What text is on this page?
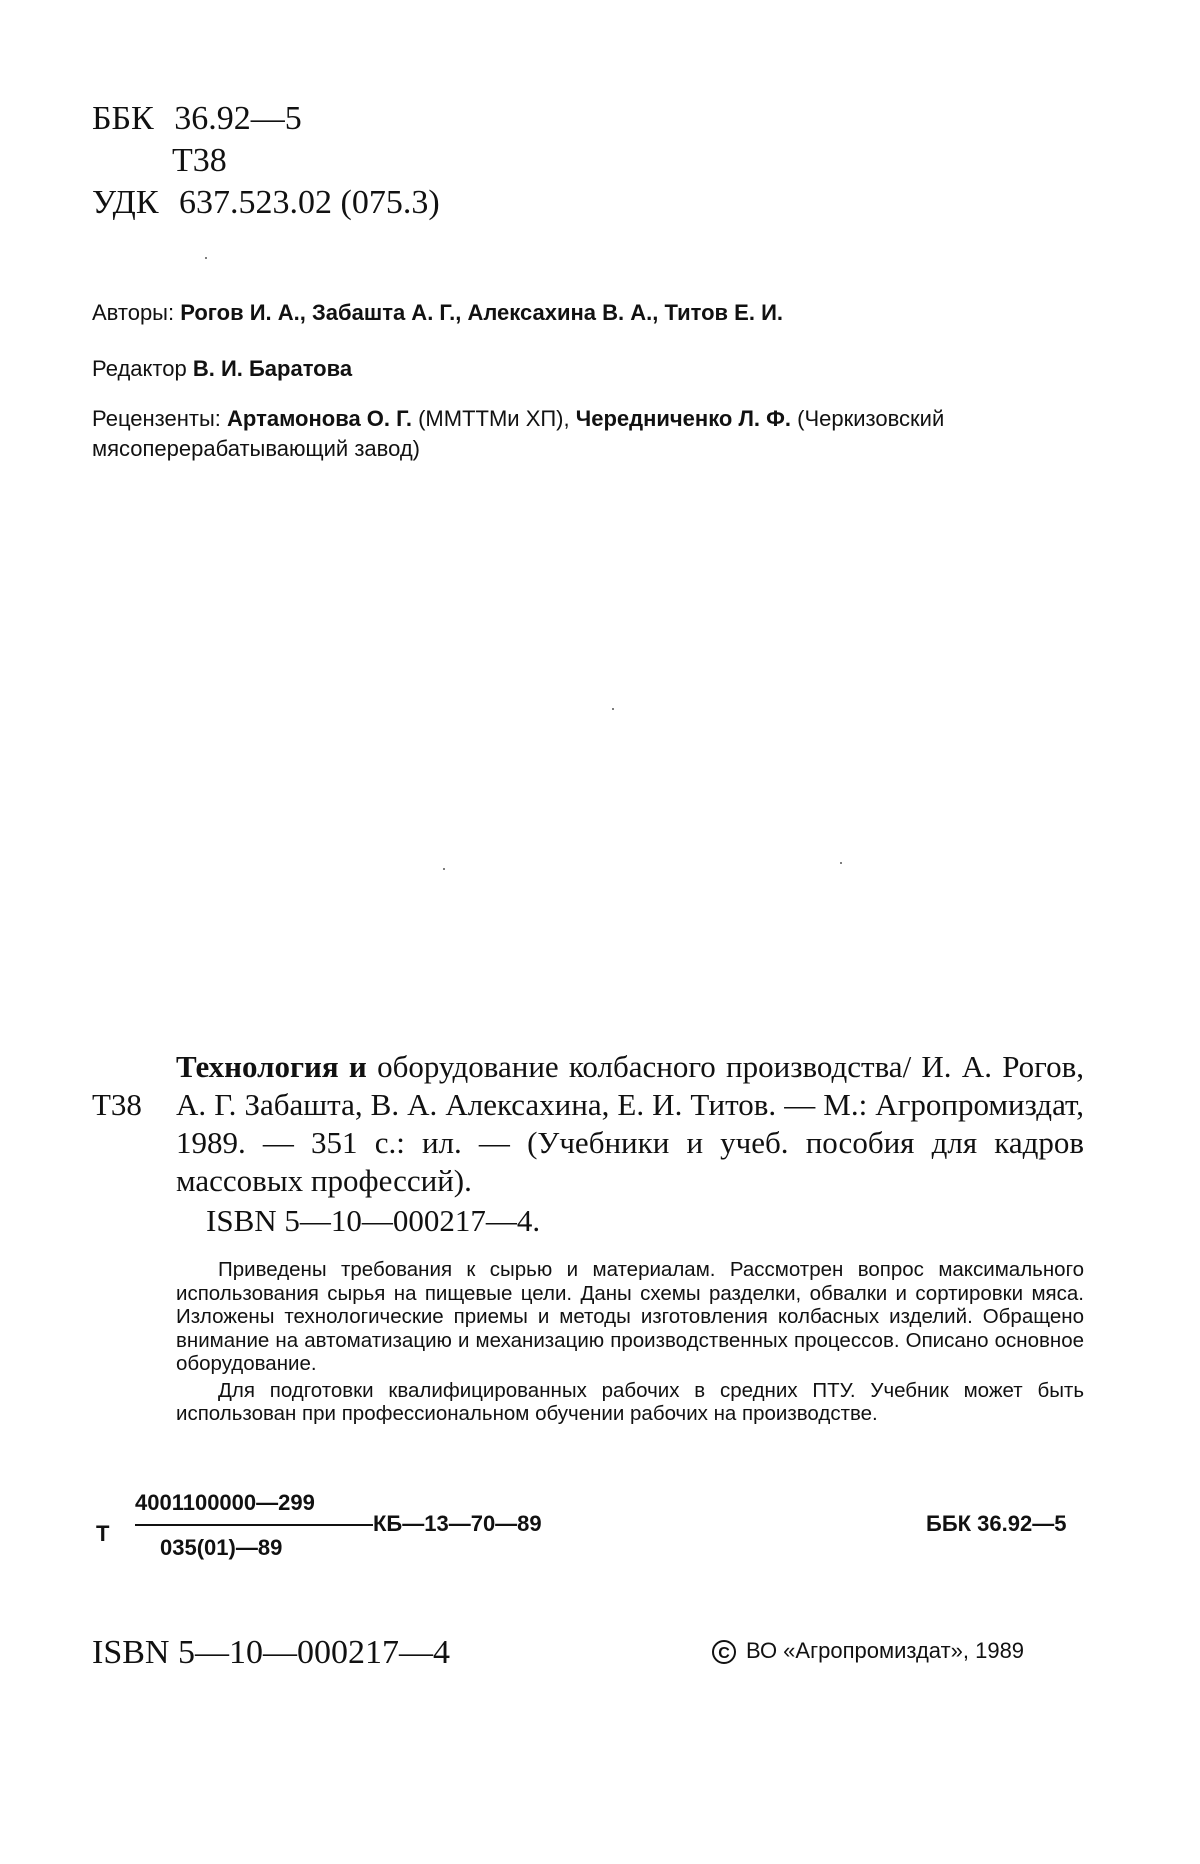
ББК 36.92—5
Т38
УДК 637.523.02 (075.3)
Авторы: Рогов И. А., Забашта А. Г., Алексахина В. А., Титов Е. И.
Редактор В. И. Баратова
Рецензенты: Артамонова О. Г. (ММТТМи ХП), Чередниченко Л. Ф. (Черкизовский мясоперерабатывающий завод)
Т38
Технология и оборудование колбасного производства/ И. А. Рогов, А. Г. Забашта, В. А. Алексахина, Е. И. Титов. — М.: Агропромиздат, 1989. — 351 с.: ил. — (Учебники и учеб. пособия для кадров массовых профессий).
ISBN 5—10—000217—4.

Приведены требования к сырью и материалам. Рассмотрен вопрос максимального использования сырья на пищевые цели. Даны схемы разделки, обвалки и сортировки мяса. Изложены технологические приемы и методы изготовления колбасных изделий. Обращено внимание на автоматизацию и механизацию производственных процессов. Описано основное оборудование.

Для подготовки квалифицированных рабочих в средних ПТУ. Учебник может быть использован при профессиональном обучении рабочих на производстве.

Т
4001100000—299
035(01)—89
КБ—13—70—89	ББК 36.92—5
ISBN 5—10—000217—4	C ВО «Агропромиздат», 1989
